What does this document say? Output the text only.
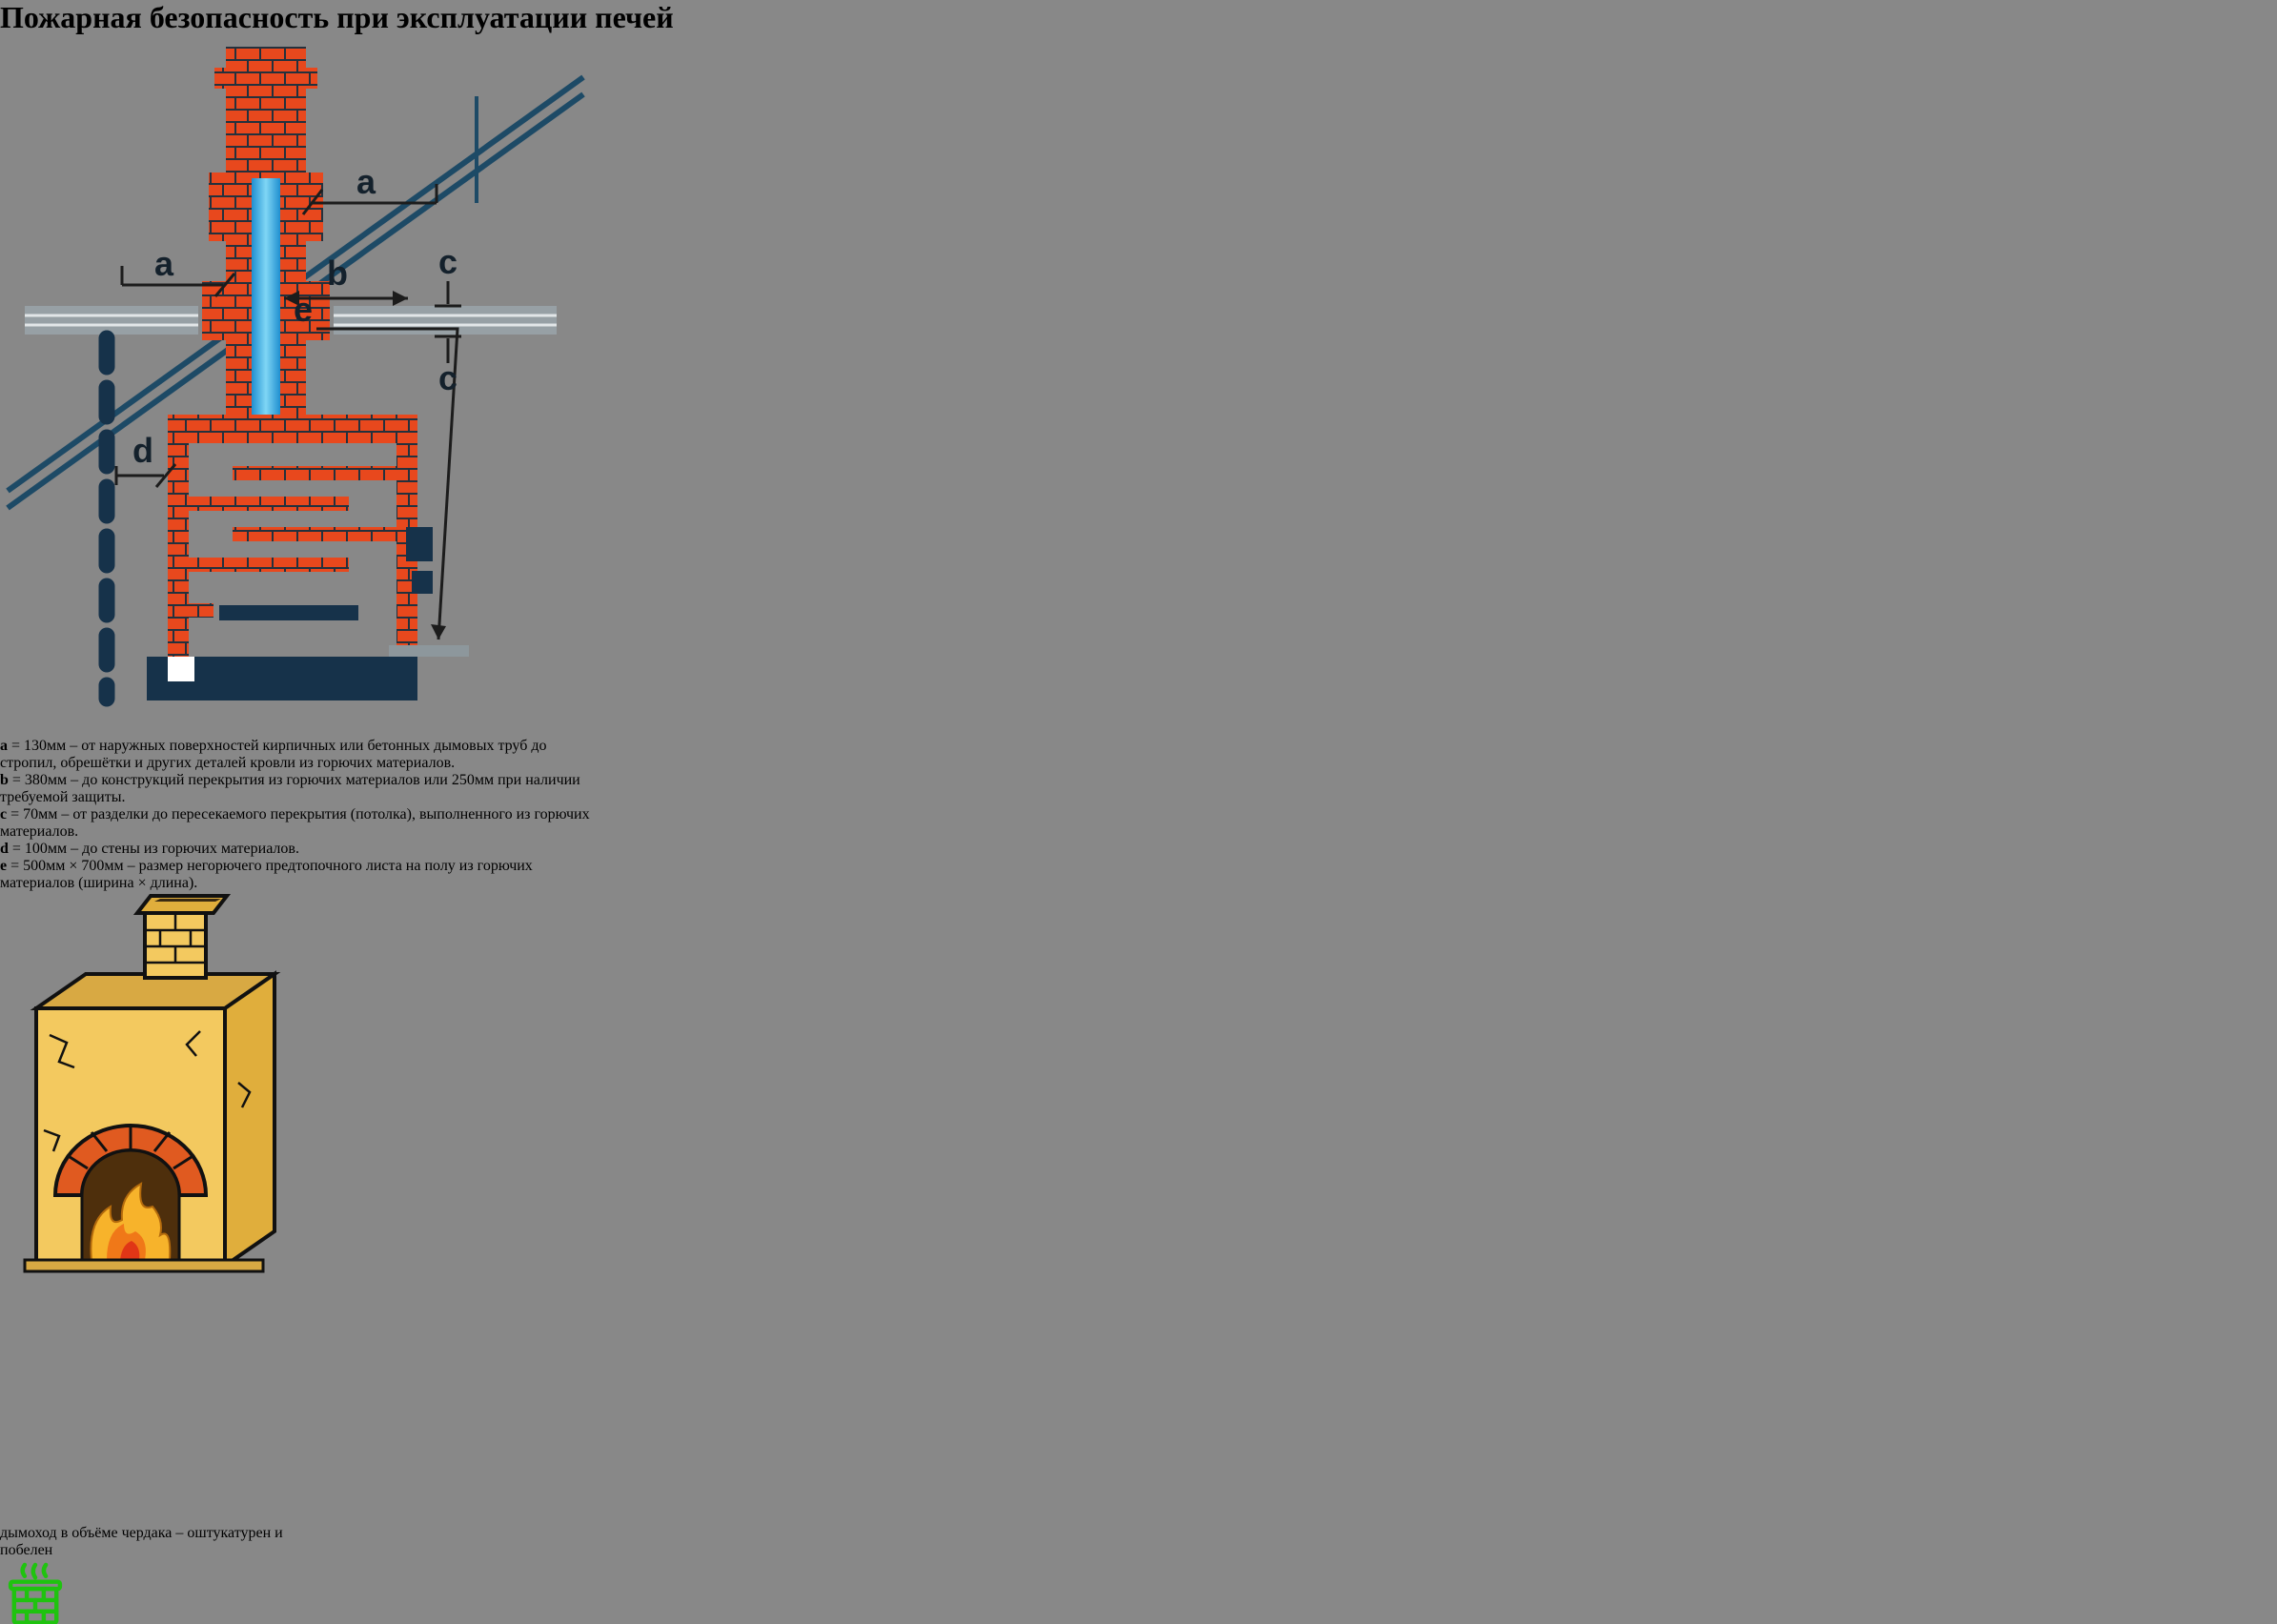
Пожарная безопасность при эксплуатации печей
a
a	b	c
c
d
e

a = 130мм – от наружных поверхностей кирпичных или бетонных дымовых труб до стропил, обрешётки и других деталей кровли из горючих материалов.

b = 380мм – до конструкций перекрытия из горючих материалов или 250мм при наличии требуемой защиты.

c = 70мм – от разделки до пересекаемого перекрытия (потолка), выполненного из горючих материалов.

d = 100мм – до стены из горючих материалов.

e = 500мм × 700мм – размер негорючего предтопочного листа на полу из горючих материалов (ширина × длина).

дымоход в объёме чердака – оштукатурен и побелен
